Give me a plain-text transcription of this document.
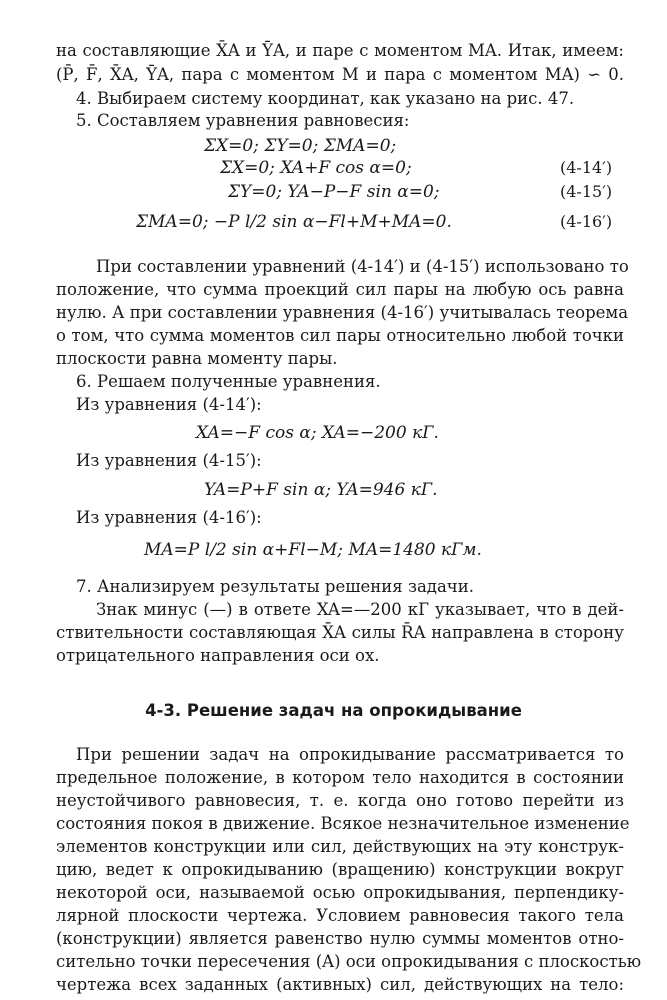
на составляющие X̄A и ȲA, и паре с моментом MA. Итак, имеем:
(P̄, F̄, X̄A, ȲA, пара с моментом M и пара с моментом MA) ∽ 0.
4. Выбираем систему координат, как указано на рис. 47.
5. Составляем уравнения равновесия:
ΣX=0; ΣY=0; ΣMA=0;
ΣX=0; XA+F cos α=0;	(4-14′)
ΣY=0; YA−P−F sin α=0;	(4-15′)
ΣMA=0; −P l/2 sin α−Fl+M+MA=0.	(4-16′)
При составлении уравнений (4-14′) и (4-15′) использовано то
положение, что сумма проекций сил пары на любую ось равна
нулю. А при составлении уравнения (4-16′) учитывалась теорема
о том, что сумма моментов сил пары относительно любой точки
плоскости равна моменту пары.
6. Решаем полученные уравнения.
Из уравнения (4-14′):
XA=−F cos α; XA=−200 кГ.
Из уравнения (4-15′):
YA=P+F sin α; YA=946 кГ.
Из уравнения (4-16′):
MA=P l/2 sin α+Fl−M; MA=1480 кГм.
7. Анализируем результаты решения задачи.
Знак минус (—) в ответе XA=—200 кГ указывает, что в дей-
ствительности составляющая X̄A силы R̄A направлена в сторону
отрицательного направления оси ox.
4-3. Решение задач на опрокидывание
При решении задач на опрокидывание рассматривается то
предельное положение, в котором тело находится в состоянии
неустойчивого равновесия, т. е. когда оно готово перейти из
состояния покоя в движение. Всякое незначительное изменение
элементов конструкции или сил, действующих на эту конструк-
цию, ведет к опрокидыванию (вращению) конструкции вокруг
некоторой оси, называемой осью опрокидывания, перпендику-
лярной плоскости чертежа. Условием равновесия такого тела
(конструкции) является равенство нулю суммы моментов отно-
сительно точки пересечения (A) оси опрокидывания с плоскостью
чертежа всех заданных (активных) сил, действующих на тело:
